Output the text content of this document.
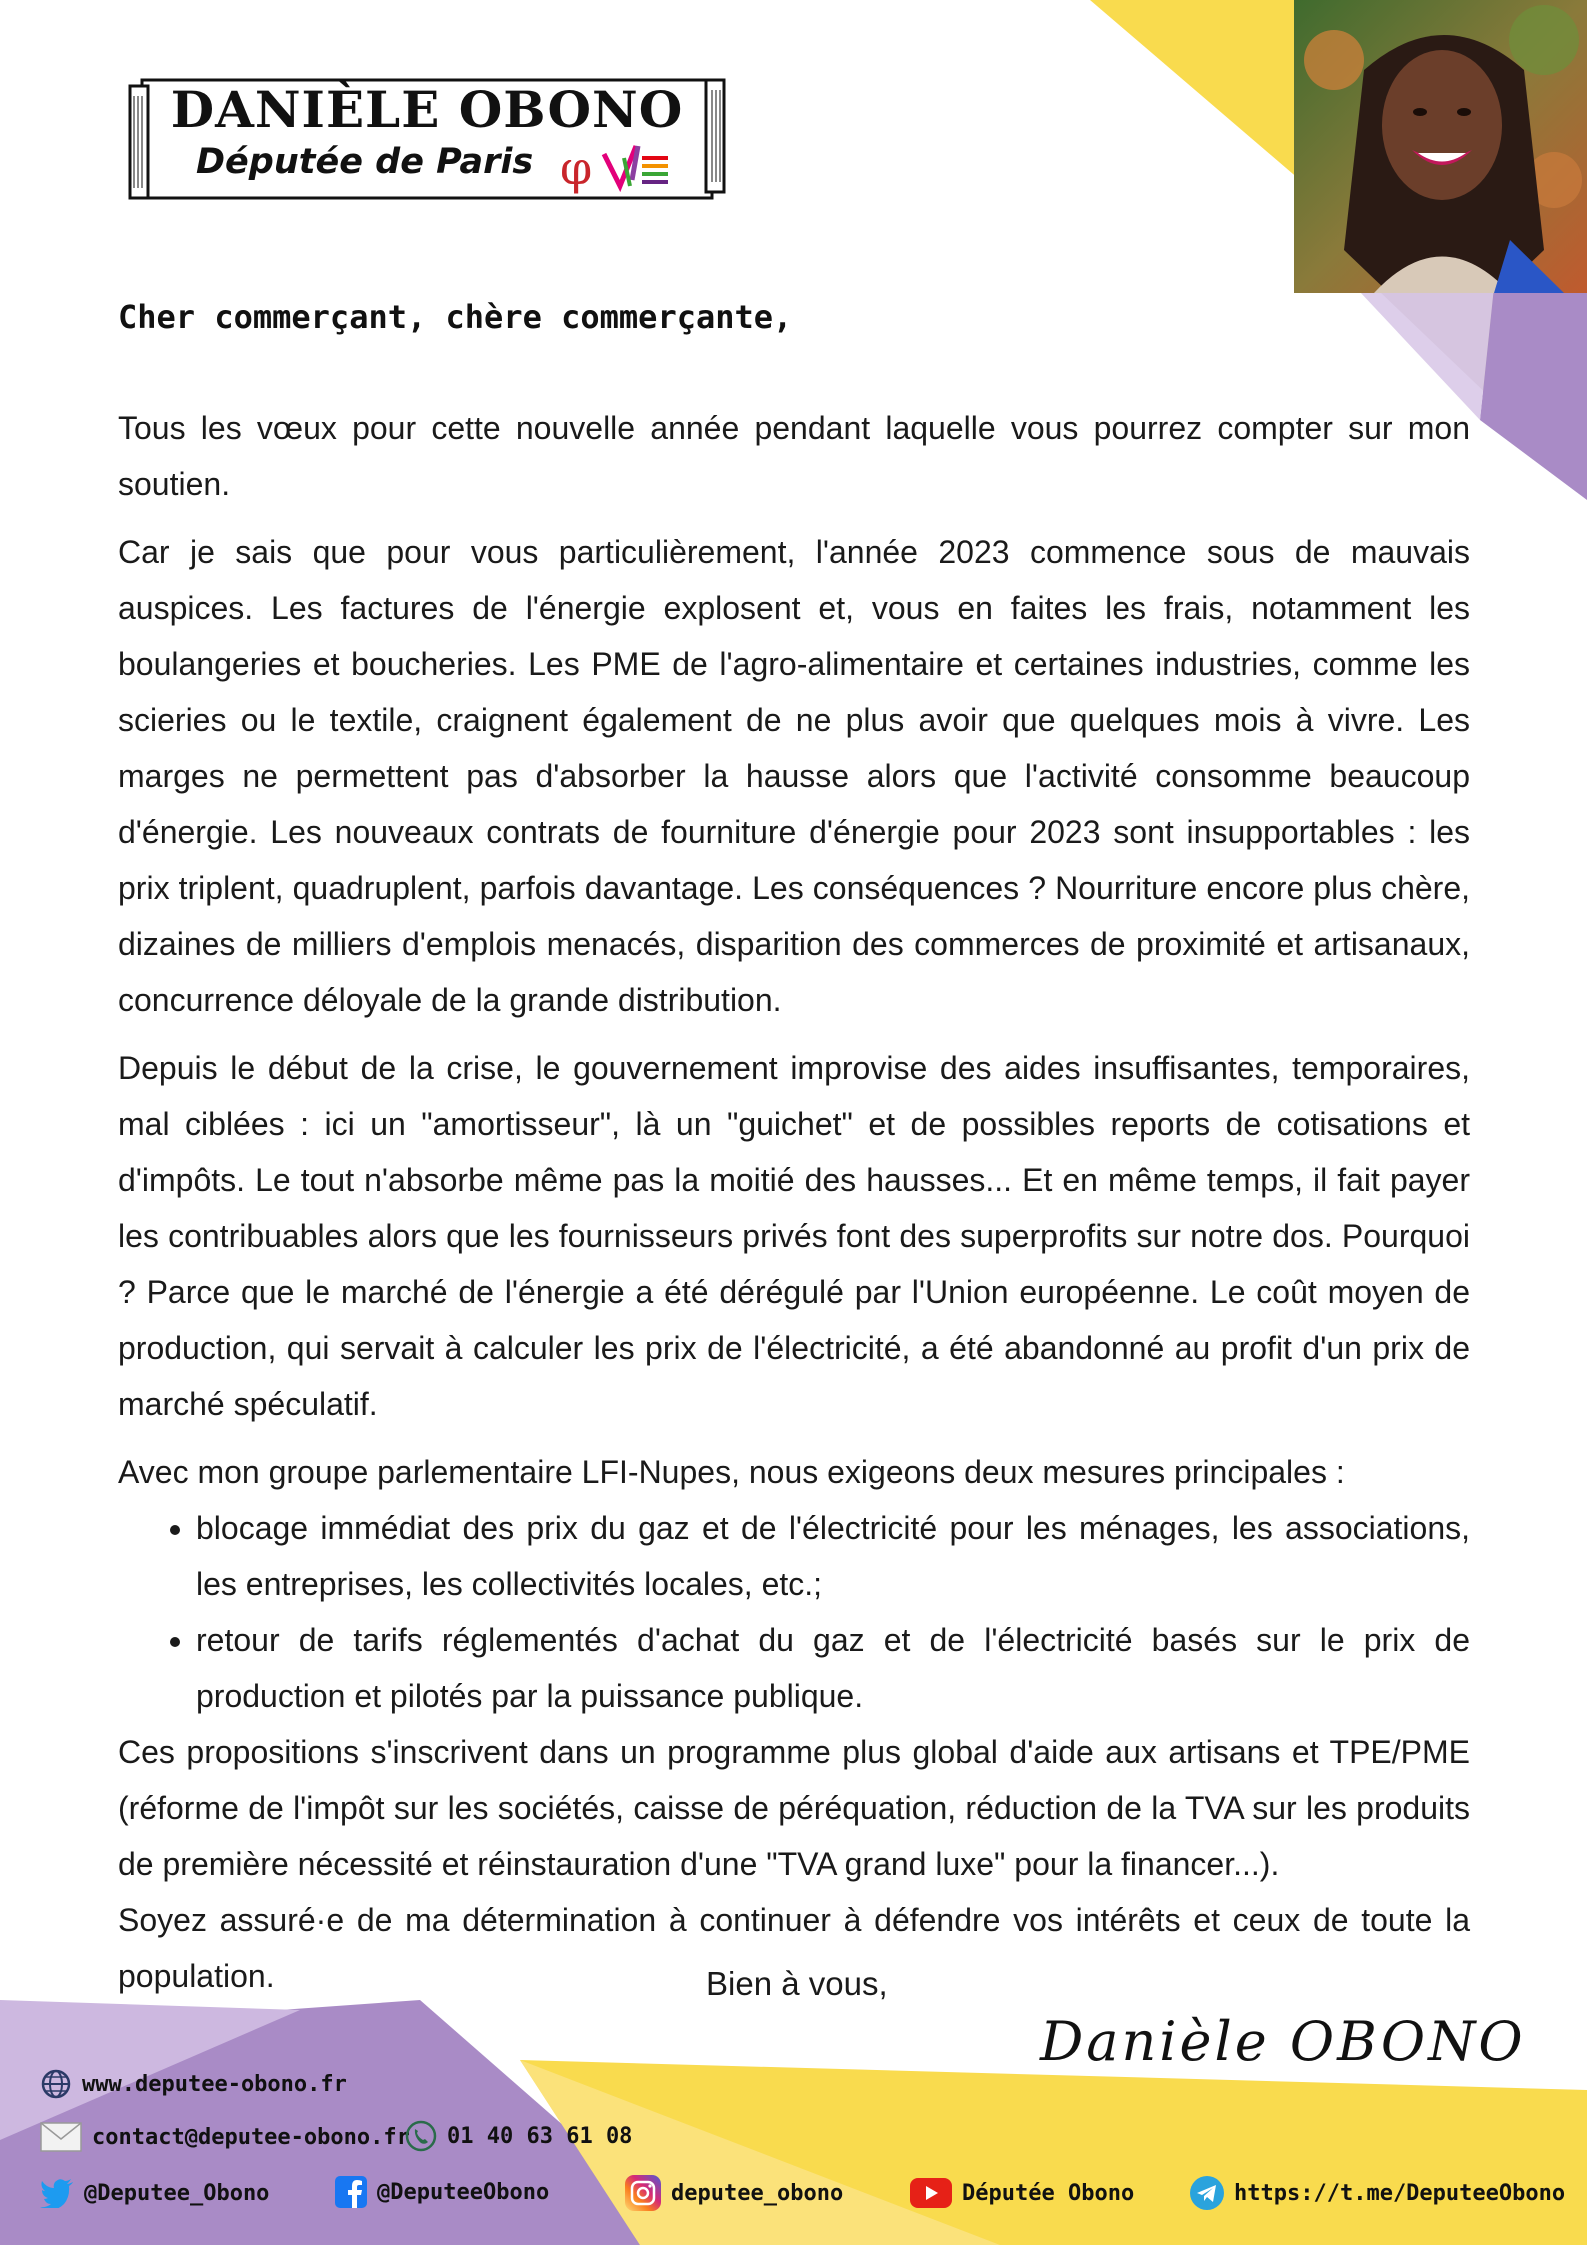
DANIÈLE OBONO
Députée de Paris φ
Cher commerçant, chère commerçante,

Tous les vœux pour cette nouvelle année pendant laquelle vous pourrez compter sur mon soutien.

Car je sais que pour vous particulièrement, l'année 2023 commence sous de mauvais auspices. Les factures de l'énergie explosent et, vous en faites les frais, notamment les boulangeries et boucheries. Les PME de l'agro-alimentaire et certaines industries, comme les scieries ou le textile, craignent également de ne plus avoir que quelques mois à vivre. Les marges ne permettent pas d'absorber la hausse alors que l'activité consomme beaucoup d'énergie. Les nouveaux contrats de fourniture d'énergie pour 2023 sont insupportables : les prix triplent, quadruplent, parfois davantage. Les conséquences ? Nourriture encore plus chère, dizaines de milliers d'emplois menacés, disparition des commerces de proximité et artisanaux, concurrence déloyale de la grande distribution.

Depuis le début de la crise, le gouvernement improvise des aides insuffisantes, temporaires, mal ciblées : ici un "amortisseur", là un "guichet" et de possibles reports de cotisations et d'impôts. Le tout n'absorbe même pas la moitié des hausses... Et en même temps, il fait payer les contribuables alors que les fournisseurs privés font des superprofits sur notre dos. Pourquoi ? Parce que le marché de l'énergie a été dérégulé par l'Union européenne. Le coût moyen de production, qui servait à calculer les prix de l'électricité, a été abandonné au profit d'un prix de marché spéculatif.

Avec mon groupe parlementaire LFI-Nupes, nous exigeons deux mesures principales :

• blocage immédiat des prix du gaz et de l'électricité pour les ménages, les associations, les entreprises, les collectivités locales, etc.;
• retour de tarifs réglementés d'achat du gaz et de l'électricité basés sur le prix de production et pilotés par la puissance publique.

Ces propositions s'inscrivent dans un programme plus global d'aide aux artisans et TPE/PME (réforme de l'impôt sur les sociétés, caisse de péréquation, réduction de la TVA sur les produits de première nécessité et réinstauration d'une "TVA grand luxe" pour la financer...).

Soyez assuré·e de ma détermination à continuer à défendre vos intérêts et ceux de toute la population.	Bien à vous,
Danièle OBONO
www.deputee-obono.fr
contact@deputee-obono.fr 01 40 63 61 08
@Deputee_Obono	@DeputeeObono	deputee_obono	Députée Obono	https://t.me/DeputeeObono
